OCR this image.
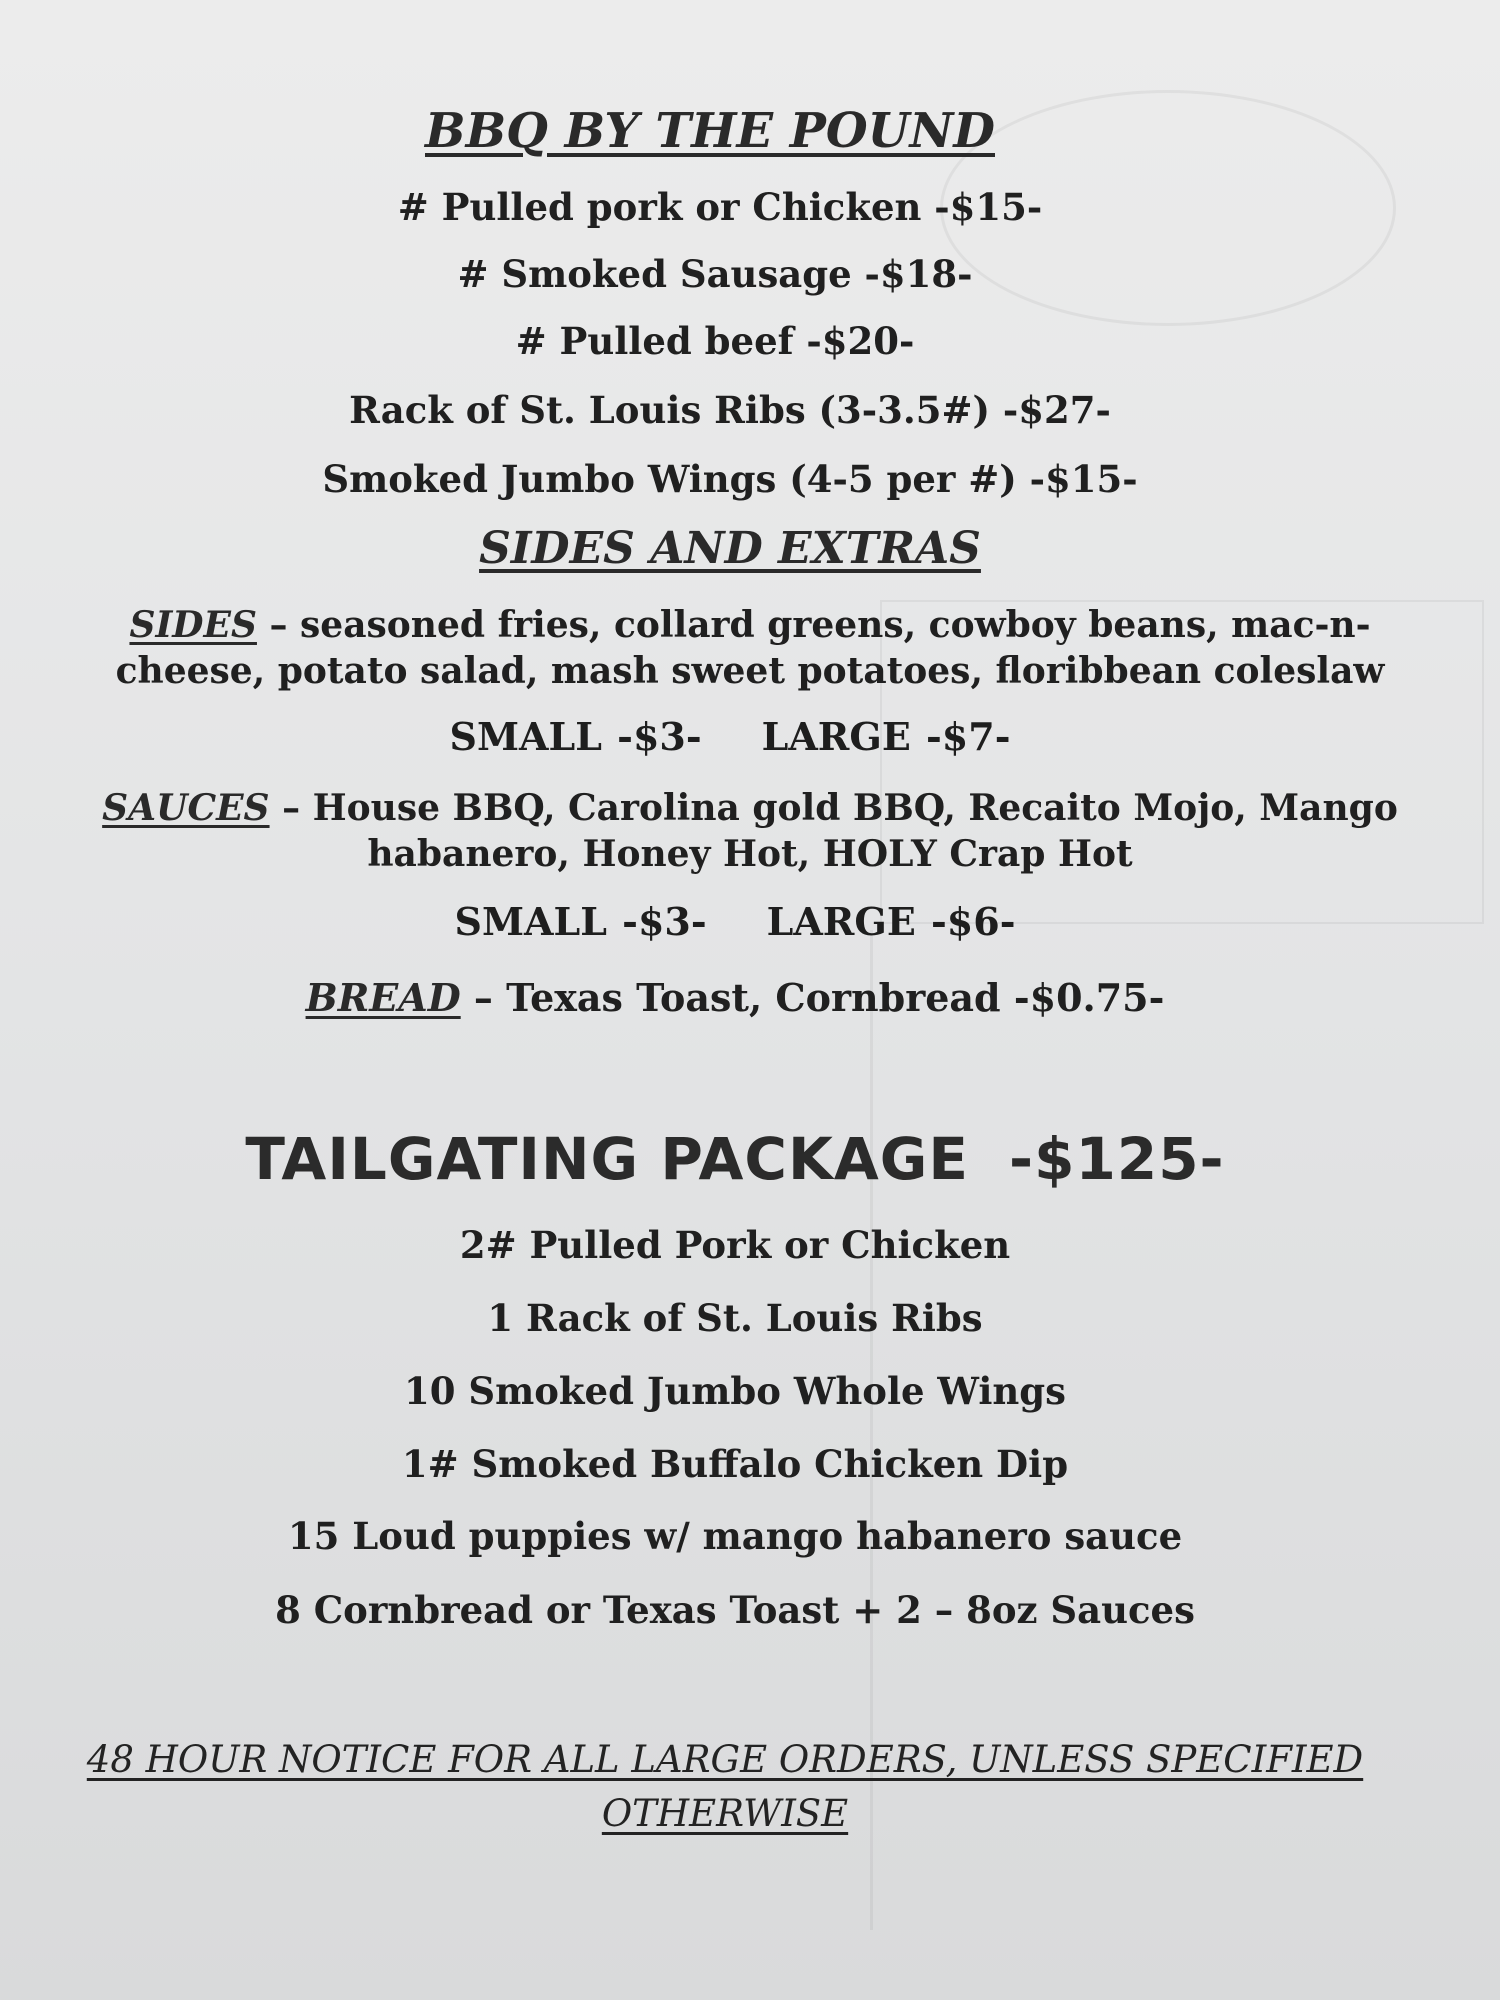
BBQ BY THE POUND
# Pulled pork or Chicken -$15-
# Smoked Sausage -$18-
# Pulled beef -$20-
Rack of St. Louis Ribs (3-3.5#) -$27-
Smoked Jumbo Wings (4-5 per #) -$15-
SIDES AND EXTRAS
SIDES – seasoned fries, collard greens, cowboy beans, mac-n-cheese, potato salad, mash sweet potatoes, floribbean coleslaw
SMALL -$3- LARGE -$7-
SAUCES – House BBQ, Carolina gold BBQ, Recaito Mojo, Mango habanero, Honey Hot, HOLY Crap Hot
SMALL -$3- LARGE -$6-
BREAD – Texas Toast, Cornbread -$0.75-
TAILGATING PACKAGE -$125-
2# Pulled Pork or Chicken
1 Rack of St. Louis Ribs
10 Smoked Jumbo Whole Wings
1# Smoked Buffalo Chicken Dip
15 Loud puppies w/ mango habanero sauce
8 Cornbread or Texas Toast + 2 – 8oz Sauces
48 HOUR NOTICE FOR ALL LARGE ORDERS, UNLESS SPECIFIED
OTHERWISE
